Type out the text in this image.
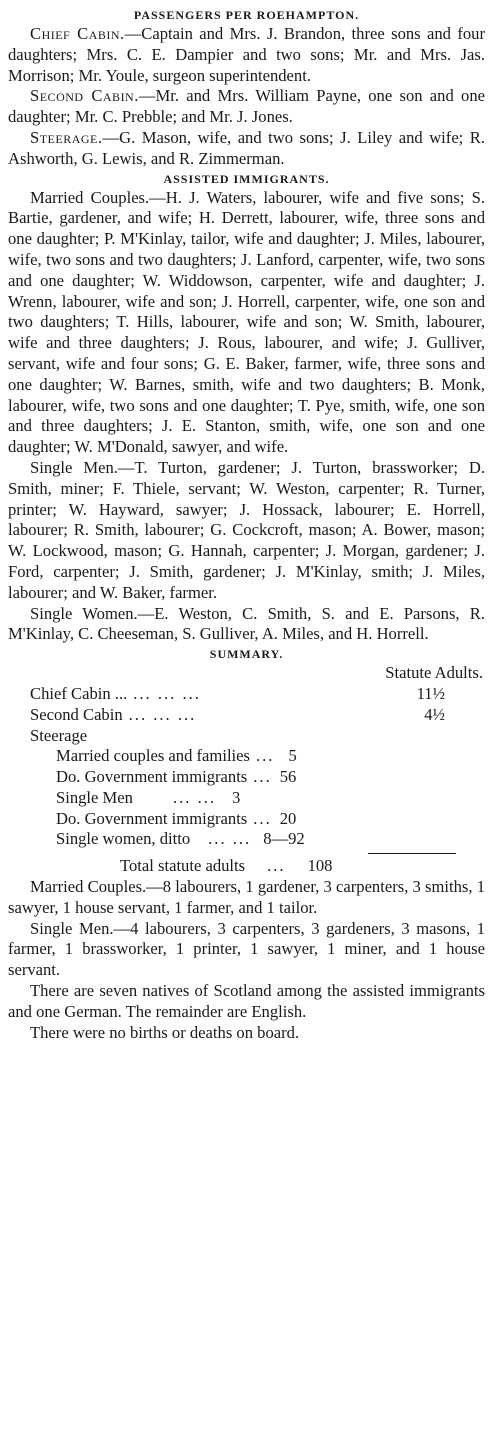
PASSENGERS PER ROEHAMPTON.

Chief Cabin.—Captain and Mrs. J. Brandon, three sons and four daughters; Mrs. C. E. Dampier and two sons; Mr. and Mrs. Jas. Morrison; Mr. Youle, surgeon superintendent.

Second Cabin.—Mr. and Mrs. William Payne, one son and one daughter; Mr. C. Prebble; and Mr. J. Jones.

Steerage.—G. Mason, wife, and two sons; J. Liley and wife; R. Ashworth, G. Lewis, and R. Zimmerman.

ASSISTED IMMIGRANTS.

Married Couples.—H. J. Waters, labourer, wife and five sons; S. Bartie, gardener, and wife; H. Derrett, labourer, wife, three sons and one daughter; P. M'Kinlay, tailor, wife and daughter; J. Miles, labourer, wife, two sons and two daughters; J. Lanford, carpenter, wife, two sons and one daughter; W. Widdowson, carpenter, wife and daughter; J. Wrenn, labourer, wife and son; J. Horrell, carpenter, wife, one son and two daughters; T. Hills, labourer, wife and son; W. Smith, labourer, wife and three daughters; J. Rous, labourer, and wife; J. Gulliver, servant, wife and four sons; G. E. Baker, farmer, wife, three sons and one daughter; W. Barnes, smith, wife and two daughters; B. Monk, labourer, wife, two sons and one daughter; T. Pye, smith, wife, one son and three daughters; J. E. Stanton, smith, wife, one son and one daughter; W. M'Donald, sawyer, and wife.

Single Men.—T. Turton, gardener; J. Turton, brassworker; D. Smith, miner; F. Thiele, servant; W. Weston, carpenter; R. Turner, printer; W. Hayward, sawyer; J. Hossack, labourer; E. Horrell, labourer; R. Smith, labourer; G. Cockcroft, mason; A. Bower, mason; W. Lockwood, mason; G. Hannah, carpenter; J. Morgan, gardener; J. Ford, carpenter; J. Smith, gardener; J. M'Kinlay, smith; J. Miles, labourer; and W. Baker, farmer.

Single Women.—E. Weston, C. Smith, S. and E. Parsons, R. M'Kinlay, C. Cheeseman, S. Gulliver, A. Miles, and H. Horrell.

SUMMARY.

Statute Adults.

Chief Cabin ... ... ... ...	11½
Second Cabin ... ... ...	4½
Steerage
Married couples and families ... 5
Do. Government immigrants ... 56
Single Men	... ... 3
Do. Government immigrants ... 20
Single women, ditto	... ... 8—92
Total statute adults	...	108

Married Couples.—8 labourers, 1 gardener, 3 carpenters, 3 smiths, 1 sawyer, 1 house servant, 1 farmer, and 1 tailor.

Single Men.—4 labourers, 3 carpenters, 3 gardeners, 3 masons, 1 farmer, 1 brassworker, 1 printer, 1 sawyer, 1 miner, and 1 house servant.

There are seven natives of Scotland among the assisted immigrants and one German. The remainder are English.

There were no births or deaths on board.
